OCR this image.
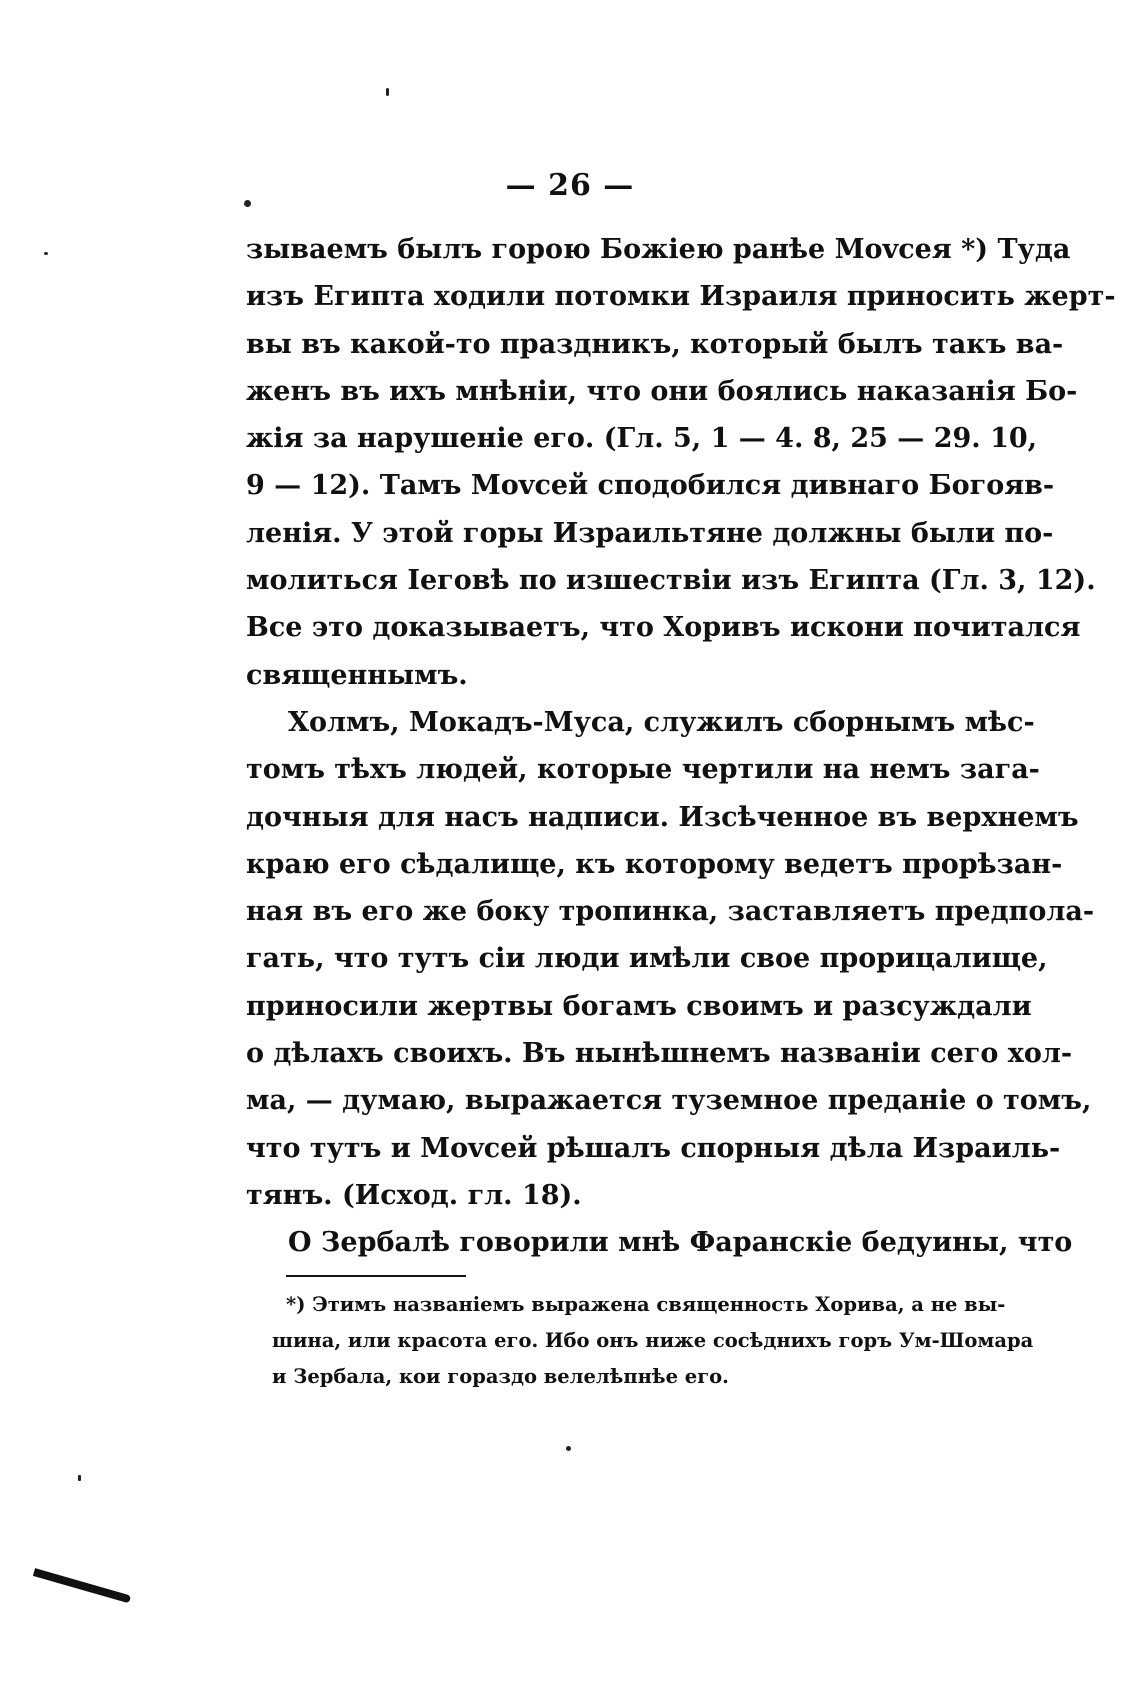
— 26 —
зываемъ былъ горою Божiею ранѣе Мovсея *) Туда
изъ Египта ходили потомки Израиля приносить жерт-
вы въ какой-то праздникъ, который былъ такъ ва-
женъ въ ихъ мнѣнiи, что они боялись наказанiя Бо-
жiя за нарушенie его. (Гл. 5, 1 — 4. 8, 25 — 29. 10,
9 — 12). Тамъ Моvсей сподобился дивнаго Богояв-
ленiя. У этой горы Израильтяне должны были по-
молиться Iеговѣ по изшествiи изъ Египта (Гл. 3, 12).
Все это доказываетъ, что Хоривъ искони почитался
священнымъ.
Холмъ, Мокадъ-Муса, служилъ сборнымъ мѣс-
томъ тѣхъ людей, которые чертили на немъ зага-
дочныя для насъ надписи. Изсѣченное въ верхнемъ
краю его сѣдалище, къ которому ведетъ прорѣзан-
ная въ его же боку тропинка, заставляетъ предпола-
гать, что тутъ сiи люди имѣли свое прорицалище,
приносили жертвы богамъ своимъ и разсуждали
о дѣлахъ своихъ. Въ нынѣшнемъ названiи сего хол-
ма, — думаю, выражается туземное преданie о томъ,
что тутъ и Моvсей рѣшалъ спорныя дѣла Израиль-
тянъ. (Исход. гл. 18).
О Зербалѣ говорили мнѣ Фаранскiе бедуины, что
*) Этимъ названiемъ выражена священность Хорива, а не вы-
шина, или красота его. Ибо онъ ниже сосѣднихъ горъ Ум-Шомара
и Зербала, кои гораздо велелѣпнѣе его.
